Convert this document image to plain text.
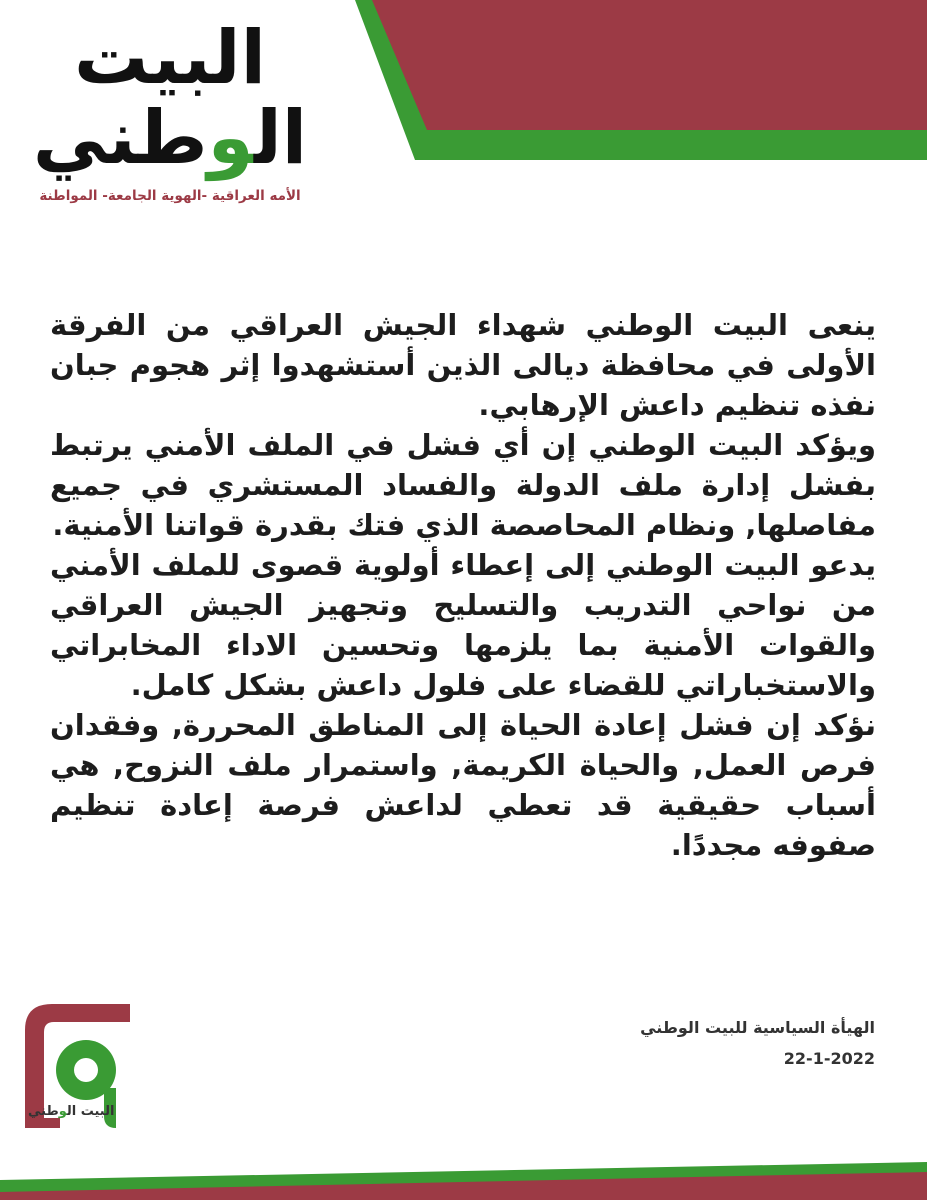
البيت
الوطني
الأمه العراقية -الهوية الجامعة- المواطنة

ينعى البيت الوطني شهداء الجيش العراقي من الفرقة الأولى في محافظة ديالى الذين أستشهدوا إثر هجوم جبان نفذه تنظيم داعش الإرهابي.

ويؤكد البيت الوطني إن أي فشل في الملف الأمني يرتبط بفشل إدارة ملف الدولة والفساد المستشري في جميع مفاصلها, ونظام المحاصصة الذي فتك بقدرة قواتنا الأمنية.

يدعو البيت الوطني إلى إعطاء أولوية قصوى للملف الأمني من نواحي التدريب والتسليح وتجهيز الجيش العراقي والقوات الأمنية بما يلزمها وتحسين الاداء المخابراتي والاستخباراتي للقضاء على فلول داعش بشكل كامل.

نؤكد إن فشل إعادة الحياة إلى المناطق المحررة, وفقدان فرص العمل, والحياة الكريمة, واستمرار ملف النزوح, هي أسباب حقيقية قد تعطي لداعش فرصة إعادة تنظيم صفوفه مجددًا.

الهيأة السياسية للبيت الوطني
22-1-2022
البيت الوطني
